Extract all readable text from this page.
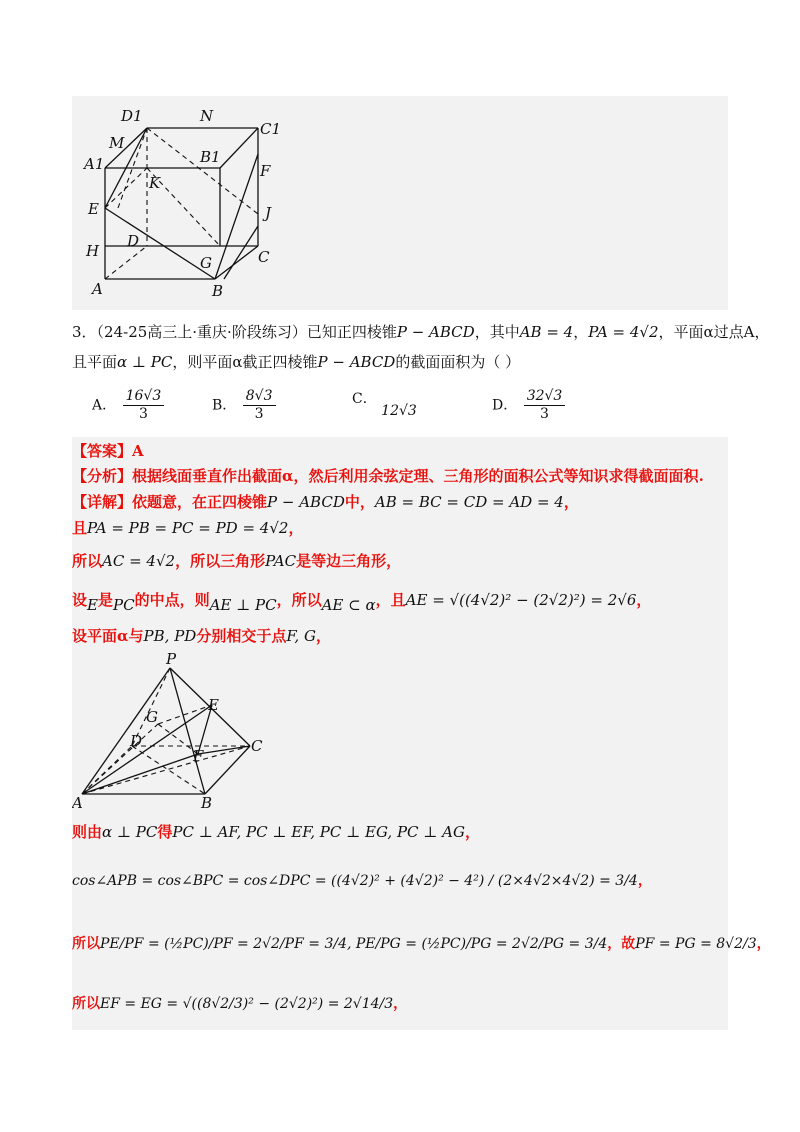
D1	N
C1
M
A1	B1
F
K
E	J
D
H
G	C
A	B
3．（24-25高三上·重庆·阶段练习）已知正四棱锥P − ABCD，其中AB = 4，PA = 4√2，平面α过点A，
且平面α ⊥ PC，则平面α截正四棱锥P − ABCD的截面面积为（ ）
A． $\frac{16√3}{3}$	B． $\frac{8√3}{3}$	C． 12√3	D． $\frac{32√3}{3}$
【答案】A
【分析】根据线面垂直作出截面α，然后利用余弦定理、三角形的面积公式等知识求得截面面积.
【详解】依题意，在正四棱锥P − ABCD中，AB = BC = CD = AD = 4，
且PA = PB = PC = PD = 4√2，
所以AC = 4√2，所以三角形PAC是等边三角形，
设E是PC的中点，则AE ⊥ PC，所以AE ⊂ α，且AE = √((4√2)² − (2√2)²) = 2√6，
设平面α与PB, PD分别相交于点F, G，
P
E
G
D	C
F
A	B
则由α ⊥ PC得PC ⊥ AF, PC ⊥ EF, PC ⊥ EG, PC ⊥ AG，
cos∠APB = cos∠BPC = cos∠DPC = ((4√2)² + (4√2)² − 4²) / (2×4√2×4√2) = 3/4，
所以PE/PF = (½PC)/PF = 2√2/PF = 3/4, PE/PG = (½PC)/PG = 2√2/PG = 3/4，故PF = PG = 8√2/3，
所以EF = EG = √((8√2/3)² − (2√2)²) = 2√14/3，
